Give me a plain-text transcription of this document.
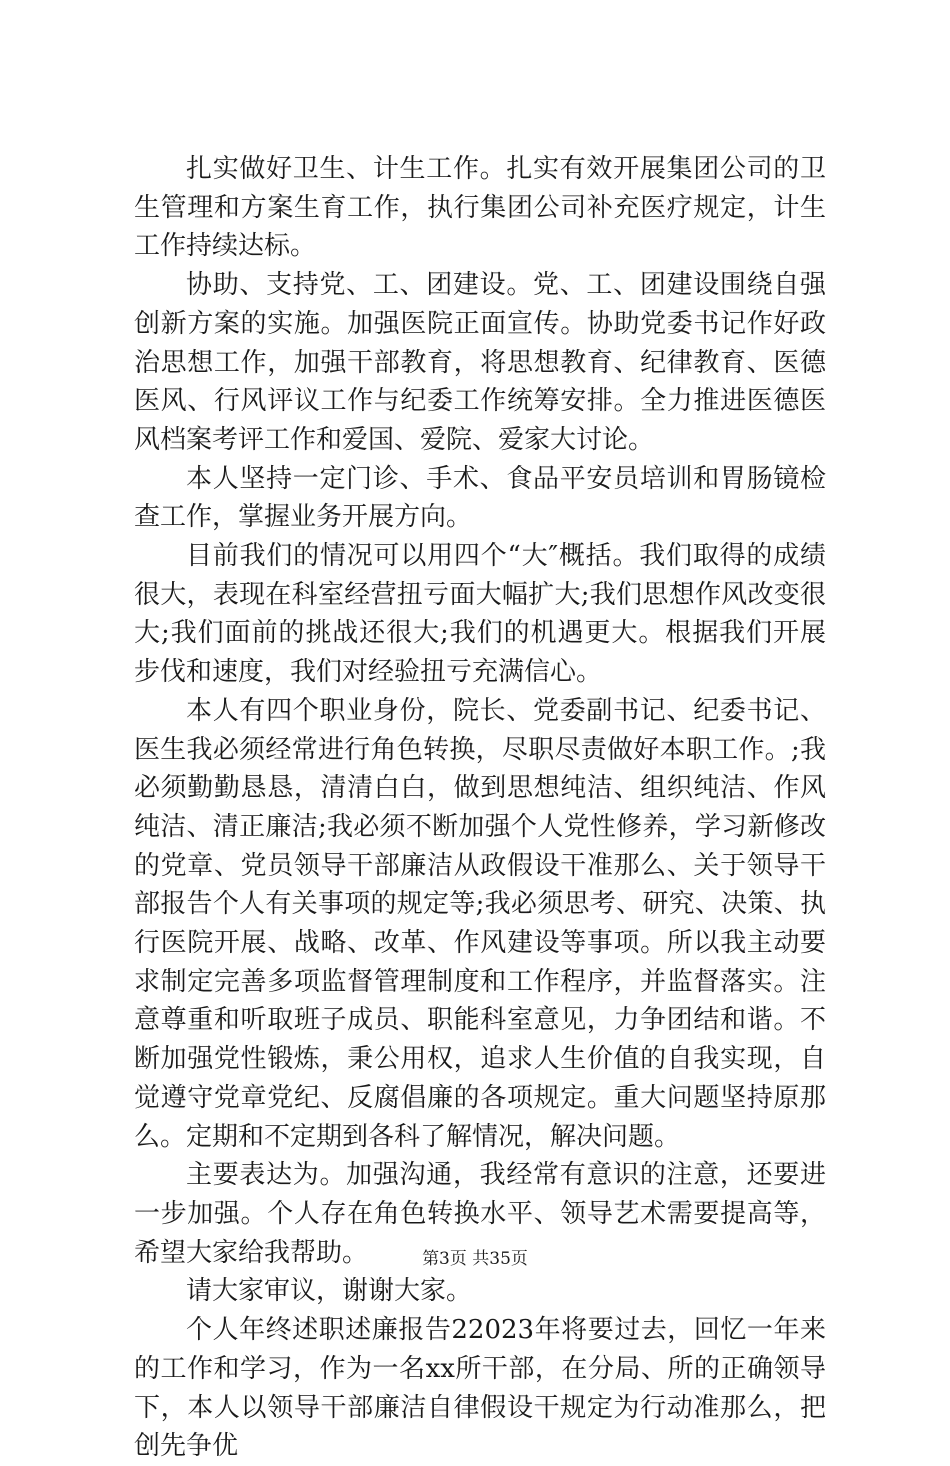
扎实做好卫生、计生工作。扎实有效开展集团公司的卫生管理和方案生育工作，执行集团公司补充医疗规定，计生工作持续达标。

协助、支持党、工、团建设。党、工、团建设围绕自强创新方案的实施。加强医院正面宣传。协助党委书记作好政治思想工作，加强干部教育，将思想教育、纪律教育、医德医风、行风评议工作与纪委工作统筹安排。全力推进医德医风档案考评工作和爱国、爱院、爱家大讨论。

本人坚持一定门诊、手术、食品平安员培训和胃肠镜检查工作，掌握业务开展方向。

目前我们的情况可以用四个“大″概括。我们取得的成绩很大，表现在科室经营扭亏面大幅扩大;我们思想作风改变很大;我们面前的挑战还很大;我们的机遇更大。根据我们开展步伐和速度，我们对经验扭亏充满信心。

本人有四个职业身份，院长、党委副书记、纪委书记、医生我必须经常进行角色转换，尽职尽责做好本职工作。;我必须勤勤恳恳，清清白白，做到思想纯洁、组织纯洁、作风纯洁、清正廉洁;我必须不断加强个人党性修养，学习新修改的党章、党员领导干部廉洁从政假设干准那么、关于领导干部报告个人有关事项的规定等;我必须思考、研究、决策、执行医院开展、战略、改革、作风建设等事项。所以我主动要求制定完善多项监督管理制度和工作程序，并监督落实。注意尊重和听取班子成员、职能科室意见，力争团结和谐。不断加强党性锻炼，秉公用权，追求人生价值的自我实现，自觉遵守党章党纪、反腐倡廉的各项规定。重大问题坚持原那么。定期和不定期到各科了解情况，解决问题。

主要表达为。加强沟通，我经常有意识的注意，还要进一步加强。个人存在角色转换水平、领导艺术需要提高等，希望大家给我帮助。

请大家审议，谢谢大家。

个人年终述职述廉报告22023年将要过去，回忆一年来的工作和学习，作为一名xx所干部，在分局、所的正确领导下，本人以领导干部廉洁自律假设干规定为行动准那么，把创先争优

第3页 共35页
